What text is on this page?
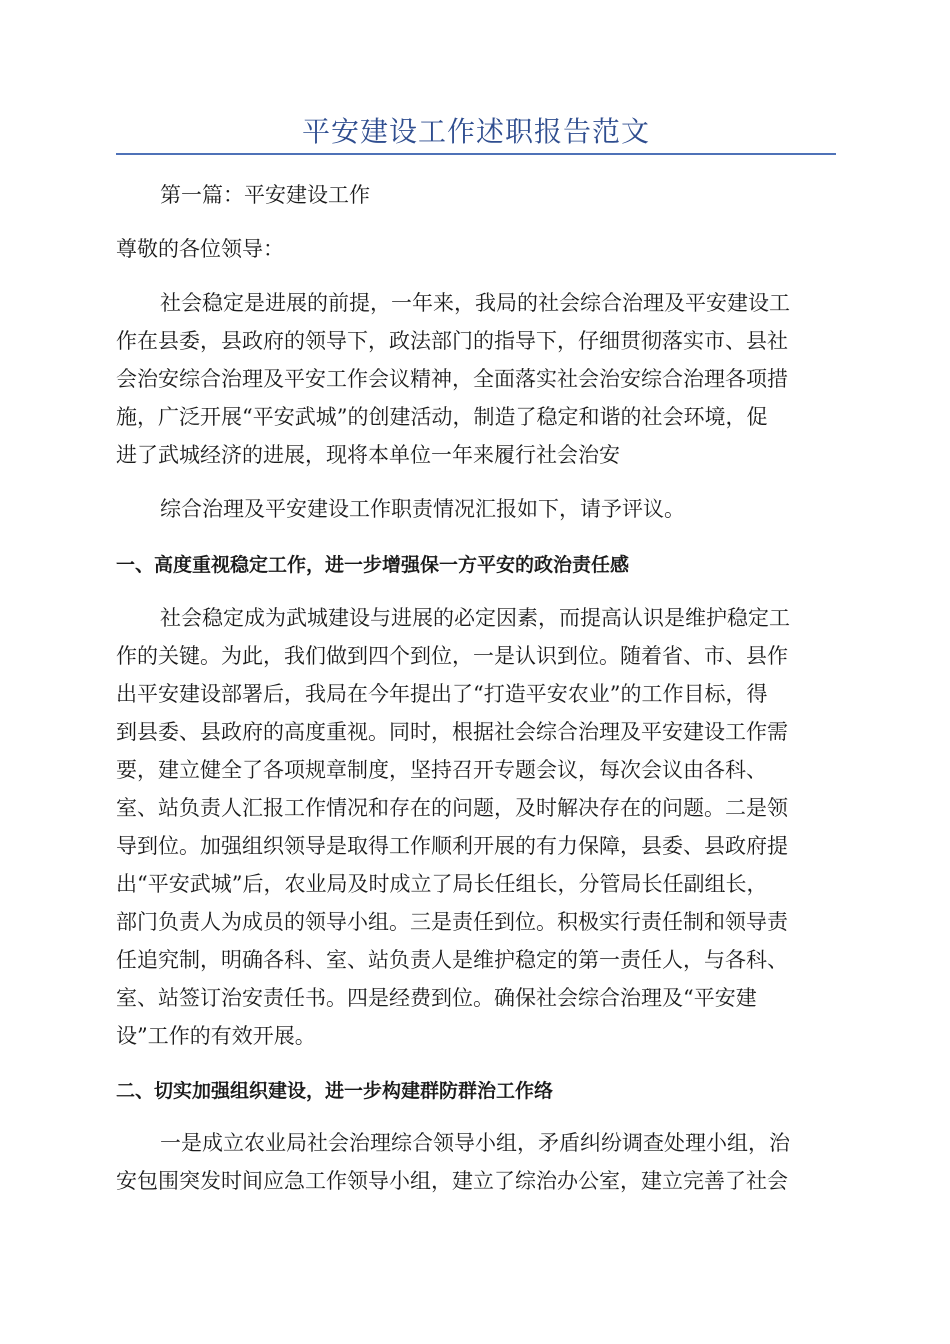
平安建设工作述职报告范文

第一篇：平安建设工作

尊敬的各位领导：

社会稳定是进展的前提，一年来，我局的社会综合治理及平安建设工
作在县委，县政府的领导下，政法部门的指导下，仔细贯彻落实市、县社
会治安综合治理及平安工作会议精神，全面落实社会治安综合治理各项措
施，广泛开展“平安武城”的创建活动，制造了稳定和谐的社会环境，促
进了武城经济的进展，现将本单位一年来履行社会治安

综合治理及平安建设工作职责情况汇报如下，请予评议。

一、高度重视稳定工作，进一步增强保一方平安的政治责任感

社会稳定成为武城建设与进展的必定因素，而提高认识是维护稳定工
作的关键。为此，我们做到四个到位，一是认识到位。随着省、市、县作
出平安建设部署后，我局在今年提出了“打造平安农业”的工作目标，得
到县委、县政府的高度重视。同时，根据社会综合治理及平安建设工作需
要，建立健全了各项规章制度，坚持召开专题会议，每次会议由各科、
室、站负责人汇报工作情况和存在的问题，及时解决存在的问题。二是领
导到位。加强组织领导是取得工作顺利开展的有力保障，县委、县政府提
出“平安武城”后，农业局及时成立了局长任组长，分管局长任副组长，
部门负责人为成员的领导小组。三是责任到位。积极实行责任制和领导责
任追究制，明确各科、室、站负责人是维护稳定的第一责任人，与各科、
室、站签订治安责任书。四是经费到位。确保社会综合治理及“平安建
设”工作的有效开展。

二、切实加强组织建设，进一步构建群防群治工作络

一是成立农业局社会治理综合领导小组，矛盾纠纷调查处理小组，治
安包围突发时间应急工作领导小组，建立了综治办公室，建立完善了社会
